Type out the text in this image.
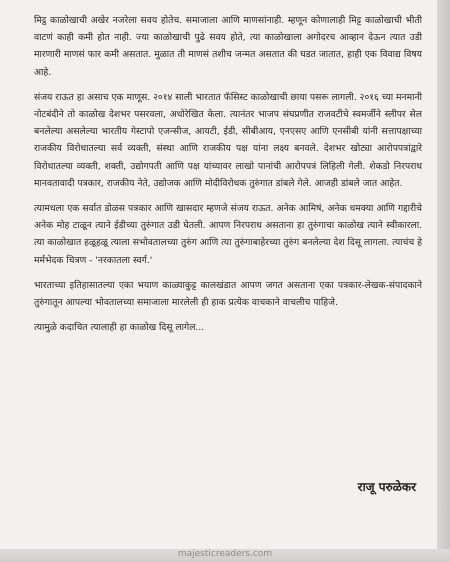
मिट्ठ काळोखाची अखेर नजरेला सवय होतेच. समाजाला आणि माणसांनाही. म्हणून कोणालाही मिट्ट काळोखाची भीती वाटणं काही कमी होत नाही. ज्या काळोखाची पुढे सवय होते, त्या काळोखाला अगोदरच आव्हान देऊन त्यात उडी मारणारी माणसं फार कमी असतात. मुळात ती माणसं तशीच जन्मत असतात की घडत जातात, हाही एक विवाद्य विषय आहे.

संजय राऊत हा असाच एक माणूस. २०१४ साली भारतात फॅसिस्ट काळोखाची छाया पसरू लागली. २०१६ च्या मनमानी नोटबंदीने तो काळोख देशभर पसरवला, अधोरेखित केला. त्यानंतर भाजप संघप्रणीत राजवटीचे स्वमर्जीने स्लीपर सेल बनलेल्या असलेल्या भारतीय गेस्टापो एजन्सीज, आयटी, ईडी, सीबीआय, एनएसए आणि एनसीबी यांनी सत्तापक्षाच्या राजकीय विरोधातल्या सर्व व्यक्ती, संस्था आणि राजकीय पक्ष यांना लक्ष्य बनवले. देशभर खोट्या आरोपपत्रांद्वारे विरोधातल्या व्यक्ती, शक्ती, उद्योगपती आणि पक्ष यांच्यावर लाखो पानांची आरोपपत्रं लिहिली गेली. शेकडो निरपराध मानवतावादी पत्रकार, राजकीय नेते, उद्योजक आणि मोदीविरोधक तुरुंगात डांबले गेले. आजही डांबले जात आहेत.

त्यामधला एक सर्वात डोळस पत्रकार आणि खासदार म्हणजे संजय राऊत. अनेक आमिषं, अनेक धमक्या आणि गद्दारीचे अनेक मोह टाळून त्याने ईडीच्या तुरुंगात उडी घेतली. आपण निरपराध असताना हा तुरुंगाचा काळोख त्याने स्वीकारला. त्या काळोखात हळूहळू त्याला सभोवतालच्या तुरुंग आणि त्या तुरुंगाबाहेरच्या तुरुंग बनलेल्या देश दिसू लागला. त्याचंच हे मर्मभेदक चित्रण - 'नरकातला स्वर्ग.'

भारताच्या इतिहासातल्या एका भयाण काळ्याकुट्ट कालखंडात आपण जगत असताना एका पत्रकार-लेखक-संपादकाने तुरुंगातून आपल्या भोवतालच्या समाजाला मारलेली ही हाक प्रत्येक वाचकाने वाचलीच पाहिजे.

त्यामुळे कदाचित त्यालाही हा काळोख दिसू लागेल...

राजू परुळेकर
majesticreaders.com
